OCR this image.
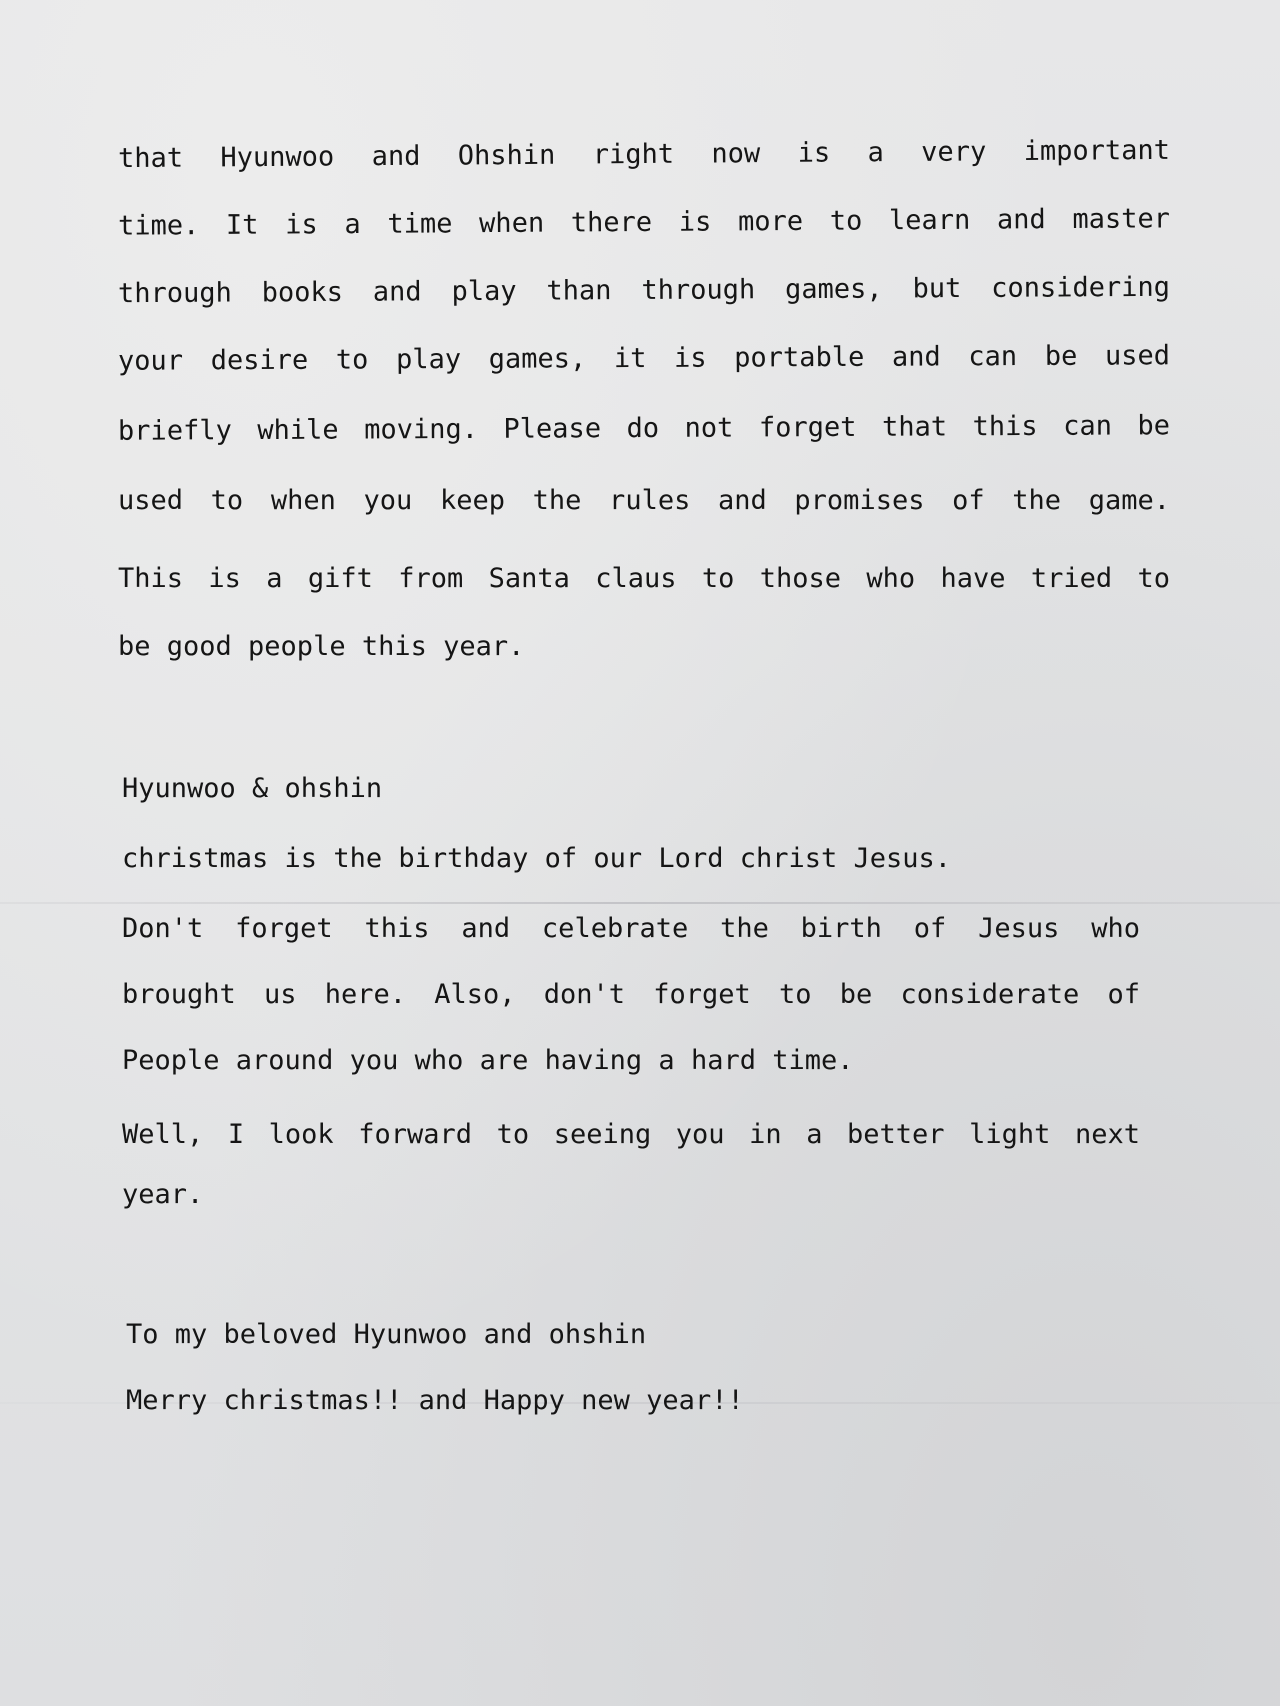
that Hyunwoo and Ohshin right now is a very important

time. It is a time when there is more to learn and master

through books and play than through games, but considering

your desire to play games, it is portable and can be used

briefly while moving. Please do not forget that this can be

used to when you keep the rules and promises of the game.

This is a gift from Santa claus to those who have tried to

be good people this year.

Hyunwoo & ohshin

christmas is the birthday of our Lord christ Jesus.

Don't forget this and celebrate the birth of Jesus who

brought us here. Also, don't forget to be considerate of

People around you who are having a hard time.

Well, I look forward to seeing you in a better light next

year.

To my beloved Hyunwoo and ohshin

Merry christmas!! and Happy new year!!
